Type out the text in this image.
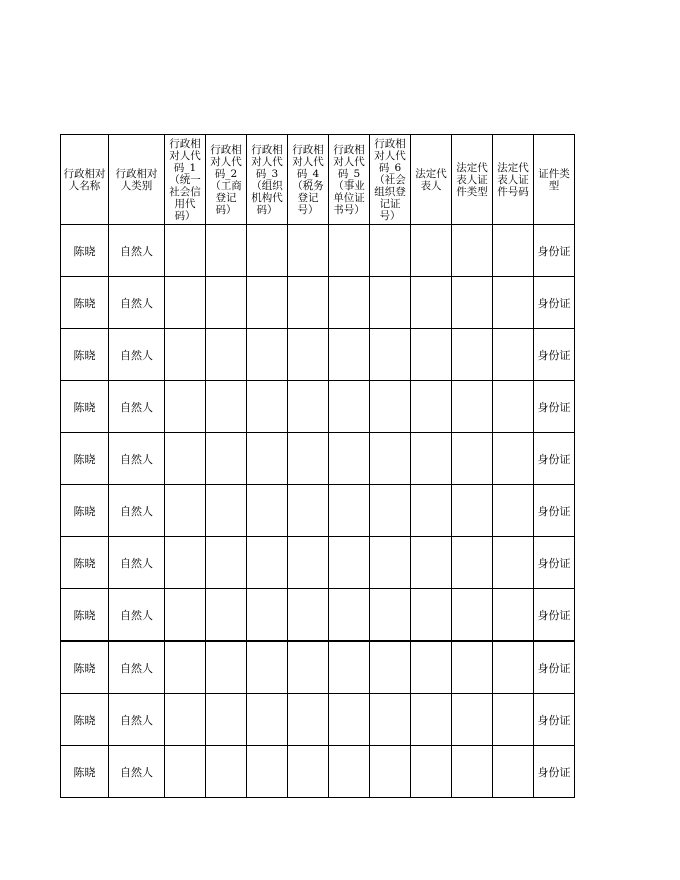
行政相对人名称	行政相对人类别	行政相对人代码_1（统一社会信用代码）	行政相对人代码_2（工商登记码）	行政相对人代码_3（组织机构代码）	行政相对人代码_4（税务登记号）	行政相对人代码_5（事业单位证书号）	行政相对人代码_6（社会组织登记证号）	法定代表人	法定代表人证件类型	法定代表人证件号码	证件类型

陈晓	自然人										身份证
陈晓	自然人										身份证
陈晓	自然人										身份证
陈晓	自然人										身份证
陈晓	自然人										身份证
陈晓	自然人										身份证
陈晓	自然人										身份证
陈晓	自然人										身份证
陈晓	自然人										身份证
陈晓	自然人										身份证
陈晓	自然人										身份证
